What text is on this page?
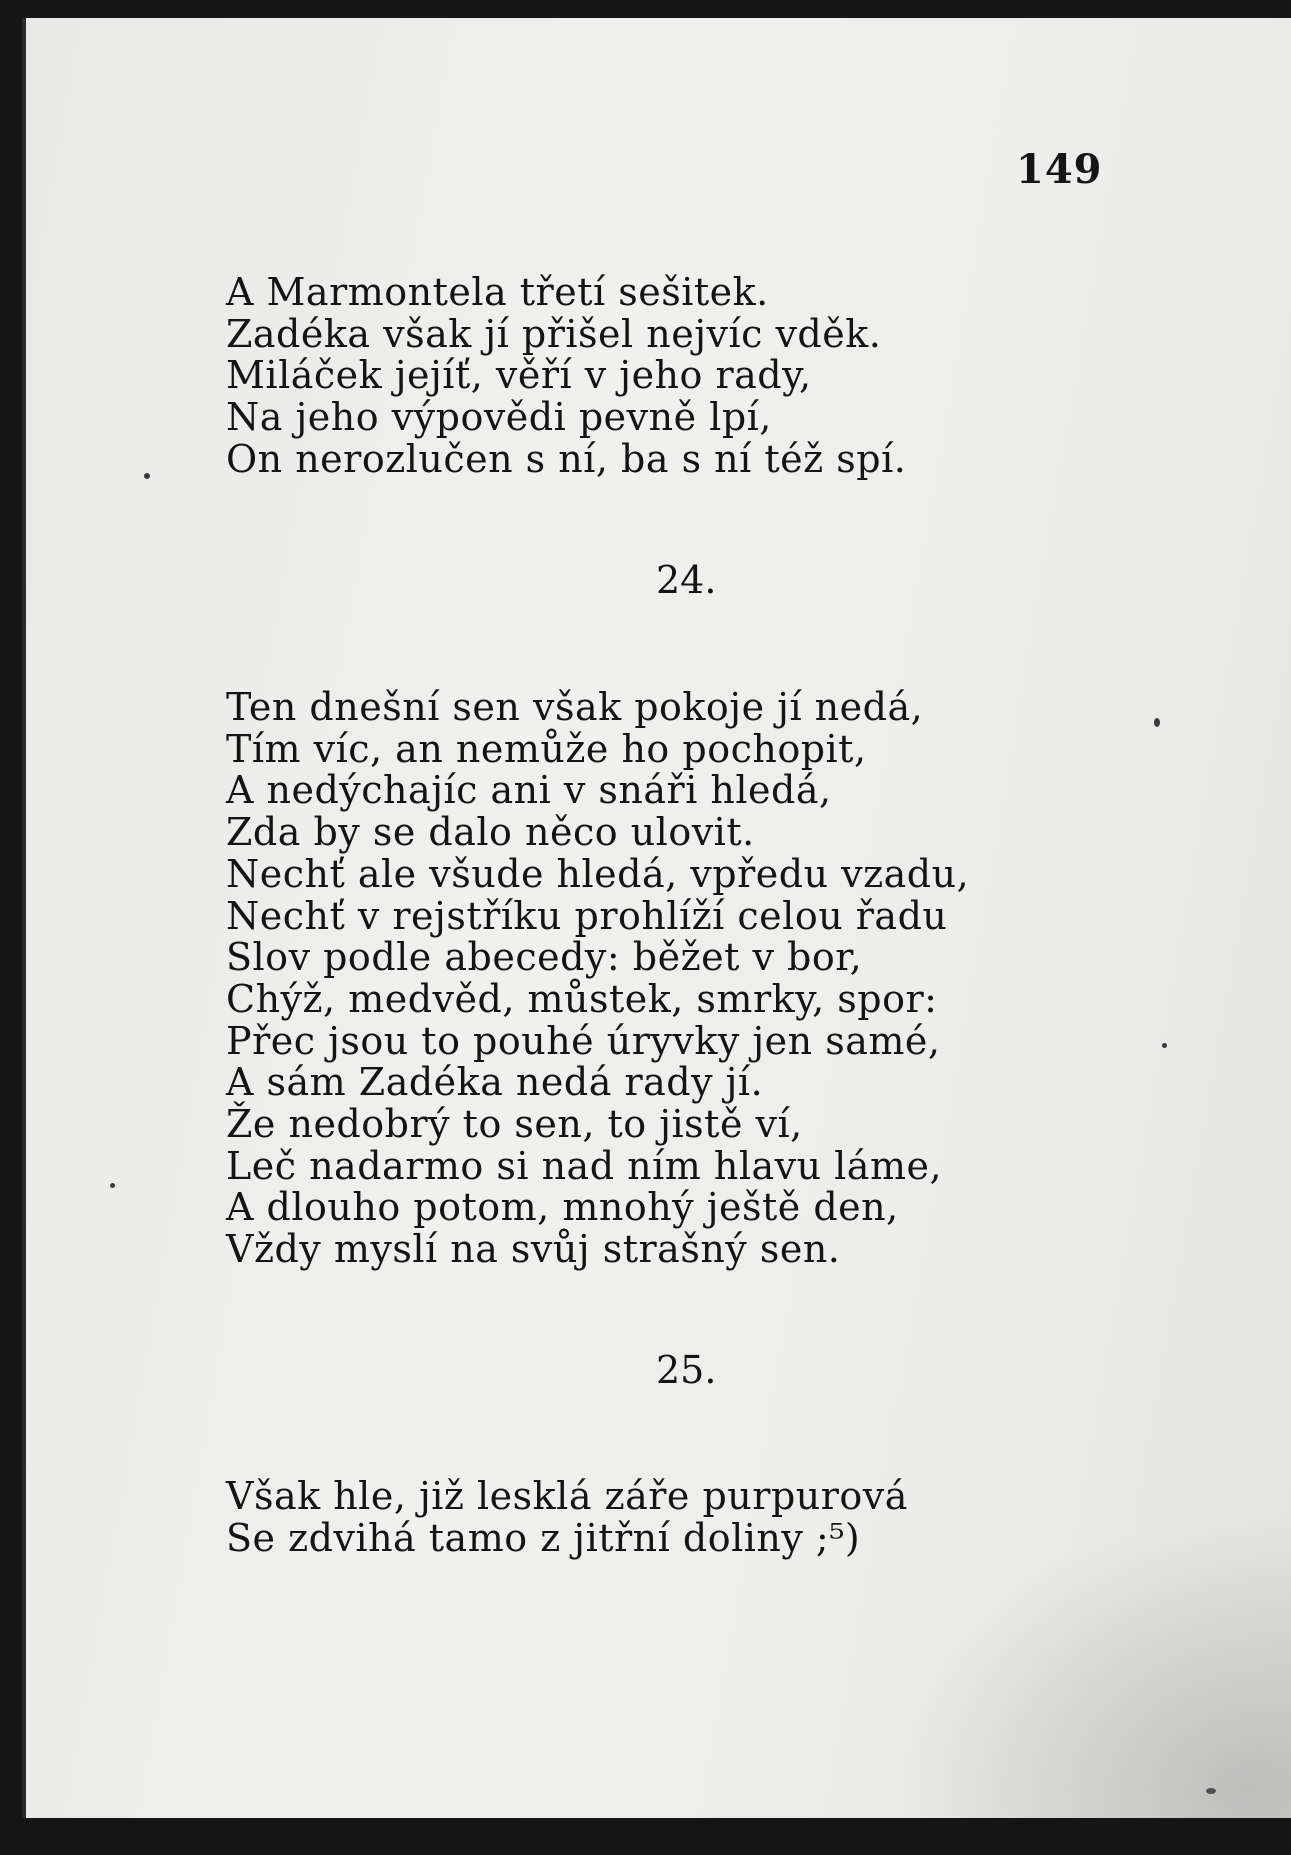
149
A Marmontela třetí sešitek.
Zadéka však jí přišel nejvíc vděk.
Miláček jejíť, věří v jeho rady,
Na jeho výpovědi pevně lpí,
On nerozlučen s ní, ba s ní též spí.
24.
Ten dnešní sen však pokoje jí nedá,
Tím víc, an nemůže ho pochopit,
A nedýchajíc ani v snáři hledá,
Zda by se dalo něco ulovit.
Nechť ale všude hledá, vpředu vzadu,
Nechť v rejstříku prohlíží celou řadu
Slov podle abecedy: běžet v bor,
Chýž, medvěd, můstek, smrky, spor:
Přec jsou to pouhé úryvky jen samé,
A sám Zadéka nedá rady jí.
Že nedobrý to sen, to jistě ví,
Leč nadarmo si nad ním hlavu láme,
A dlouho potom, mnohý ještě den,
Vždy myslí na svůj strašný sen.
25.
Však hle, již lesklá záře purpurová
Se zdvihá tamo z jitřní doliny ;⁵)
